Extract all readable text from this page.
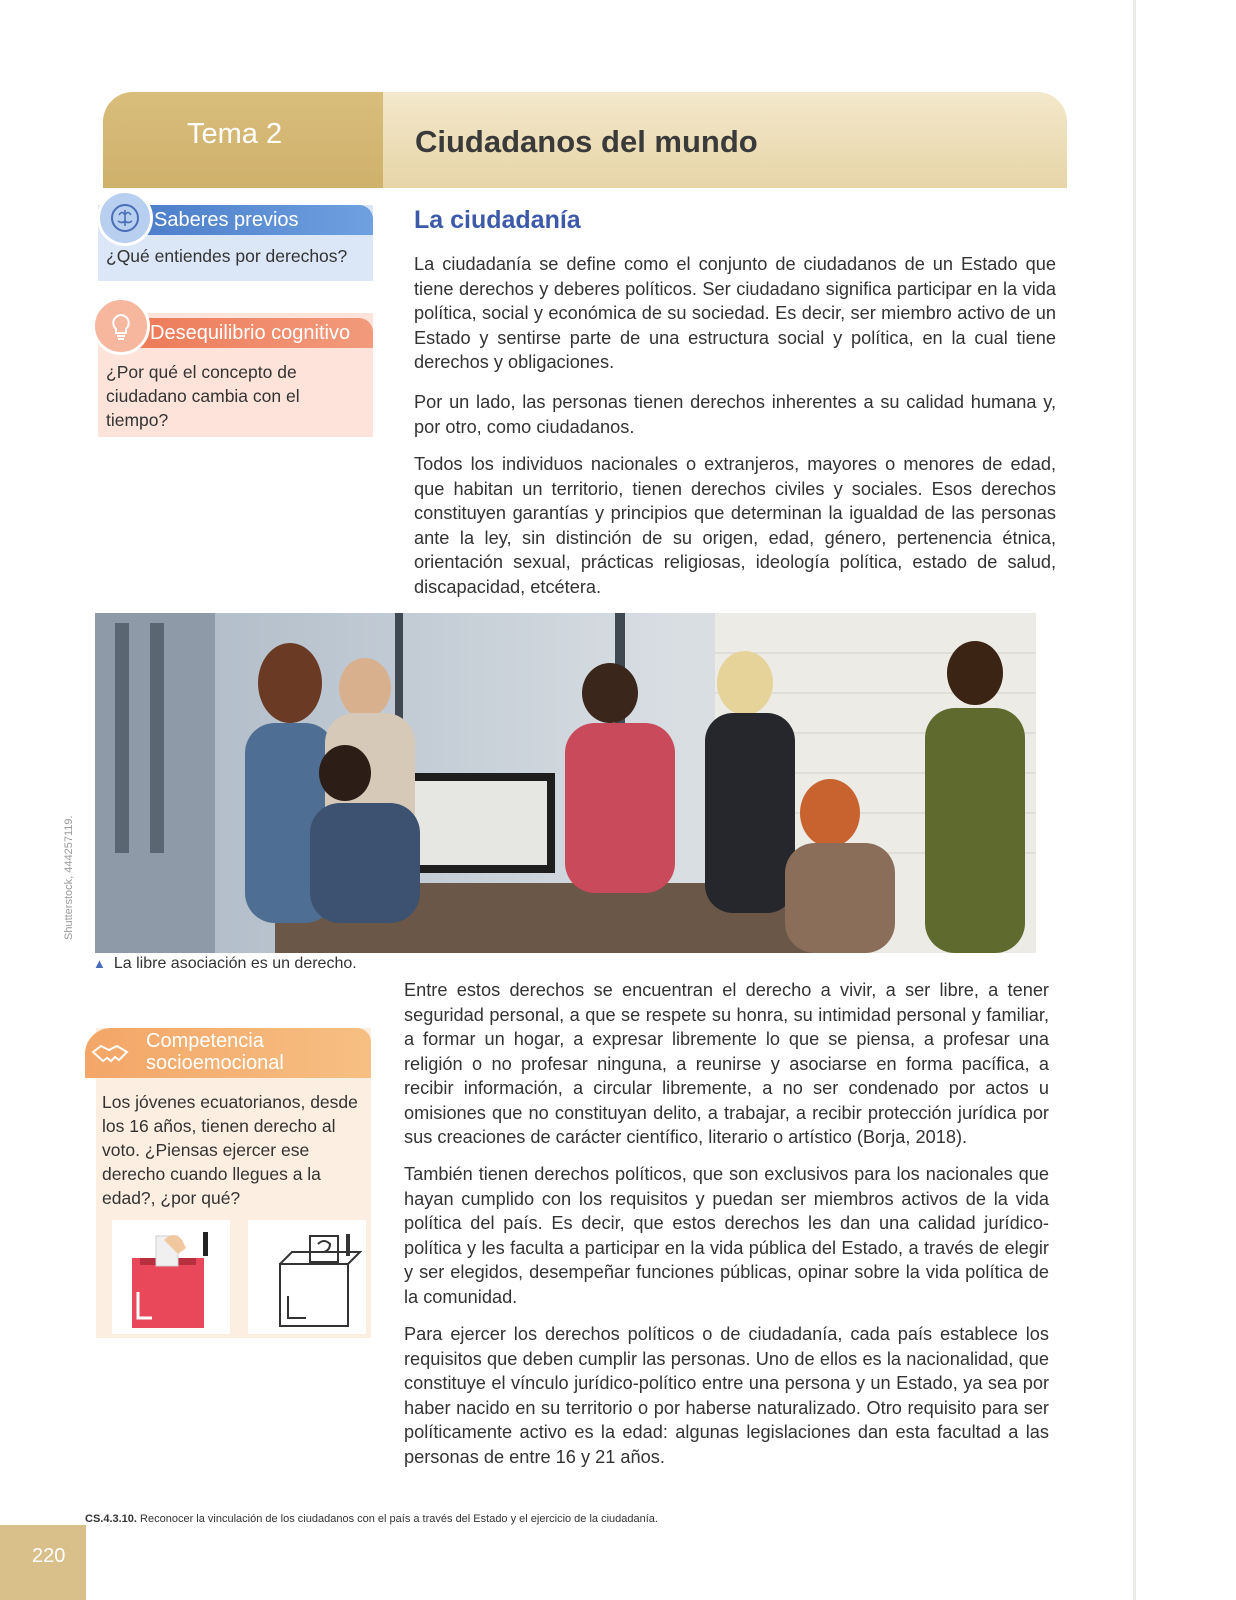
Tema 2	Ciudadanos del mundo
Saberes previos
¿Qué entiendes por derechos?
Desequilibrio cognitivo
¿Por qué el concepto de ciudadano cambia con el tiempo?
Competencia
socioemocional
Los jóvenes ecuatorianos, desde los 16 años, tienen derecho al voto. ¿Piensas ejercer ese derecho cuando llegues a la edad?, ¿por qué?
La ciudadanía

La ciudadanía se define como el conjunto de ciudadanos de un Estado que tiene derechos y deberes políticos. Ser ciudadano significa participar en la vida política, social y económica de su sociedad. Es decir, ser miembro activo de un Estado y sentirse parte de una estructura social y política, en la cual tiene derechos y obligaciones.

Por un lado, las personas tienen derechos inherentes a su calidad humana y, por otro, como ciudadanos.

Todos los individuos nacionales o extranjeros, mayores o menores de edad, que habitan un territorio, tienen derechos civiles y sociales. Esos derechos constituyen garantías y principios que determinan la igualdad de las personas ante la ley, sin distinción de su origen, edad, género, pertenencia étnica, orientación sexual, prácticas religiosas, ideología política, estado de salud, discapacidad, etcétera.

Shutterstock, 444257119.
▲ La libre asociación es un derecho.

Entre estos derechos se encuentran el derecho a vivir, a ser libre, a tener seguridad personal, a que se respete su honra, su intimidad personal y familiar, a formar un hogar, a expresar libremente lo que se piensa, a profesar una religión o no profesar ninguna, a reunirse y asociarse en forma pacífica, a recibir información, a circular libremente, a no ser condenado por actos u omisiones que no constituyan delito, a trabajar, a recibir protección jurídica por sus creaciones de carácter científico, literario o artístico (Borja, 2018).

También tienen derechos políticos, que son exclusivos para los nacionales que hayan cumplido con los requisitos y puedan ser miembros activos de la vida política del país. Es decir, que estos derechos les dan una calidad jurídico-política y les faculta a participar en la vida pública del Estado, a través de elegir y ser elegidos, desempeñar funciones públicas, opinar sobre la vida política de la comunidad.

Para ejercer los derechos políticos o de ciudadanía, cada país establece los requisitos que deben cumplir las personas. Uno de ellos es la nacionalidad, que constituye el vínculo jurídico-político entre una persona y un Estado, ya sea por haber nacido en su territorio o por haberse naturalizado. Otro requisito para ser políticamente activo es la edad: algunas legislaciones dan esta facultad a las personas de entre 16 y 21 años.

CS.4.3.10. Reconocer la vinculación de los ciudadanos con el país a través del Estado y el ejercicio de la ciudadanía.
220
